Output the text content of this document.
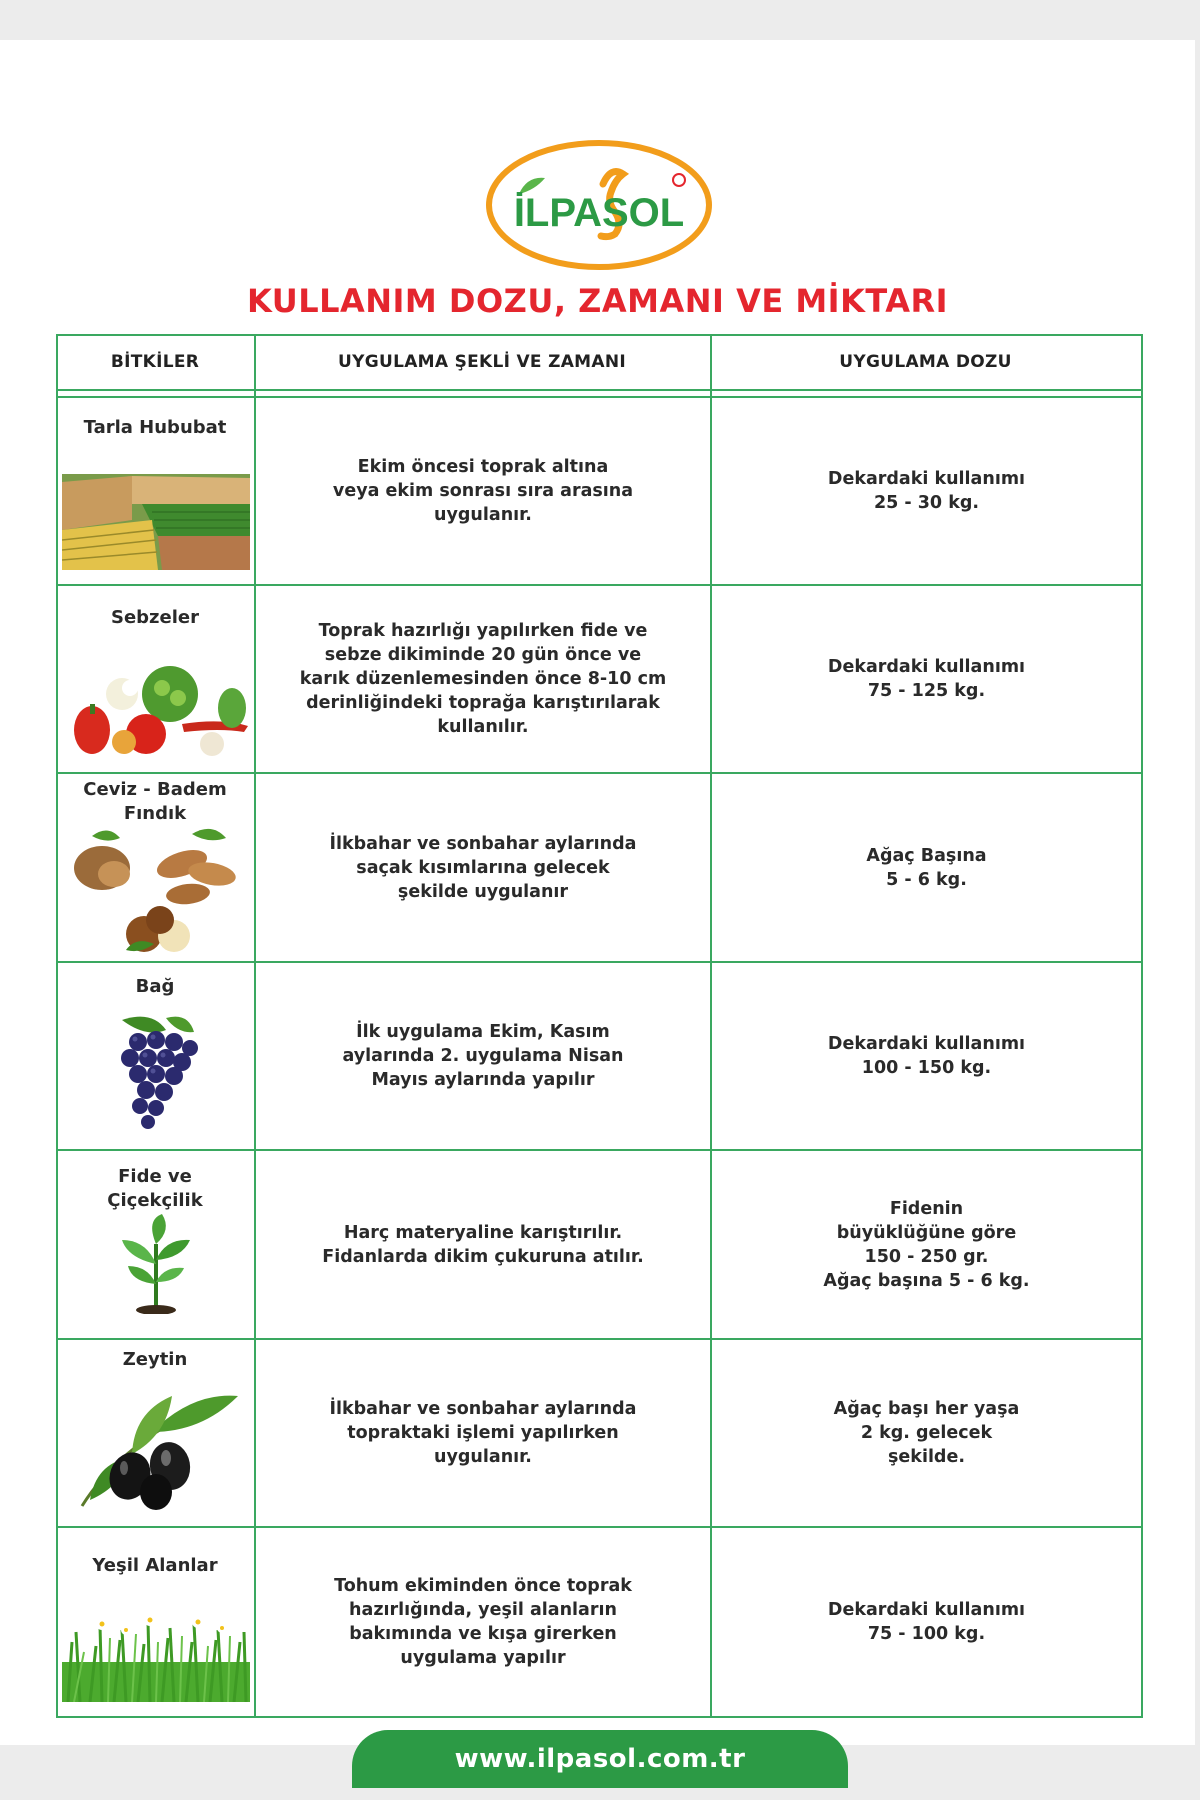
İLPASOL
KULLANIM DOZU, ZAMANI VE MİKTARI
BİTKİLER	UYGULAMA ŞEKLİ VE ZAMANI	UYGULAMA DOZU
Tarla Hububat
Ekim öncesi toprak altına
veya ekim sonrası sıra arasına
uygulanır.
Dekardaki kullanımı
25 - 30 kg.
Sebzeler
Toprak hazırlığı yapılırken fide ve
sebze dikiminde 20 gün önce ve
karık düzenlemesinden önce 8-10 cm
derinliğindeki toprağa karıştırılarak
kullanılır.
Dekardaki kullanımı
75 - 125 kg.
Ceviz - Badem
Fındık
İlkbahar ve sonbahar aylarında
saçak kısımlarına gelecek
şekilde uygulanır
Ağaç Başına
5 - 6 kg.
Bağ
İlk uygulama Ekim, Kasım
aylarında 2. uygulama Nisan
Mayıs aylarında yapılır
Dekardaki kullanımı
100 - 150 kg.
Fide ve
Çiçekçilik
Harç materyaline karıştırılır.
Fidanlarda dikim çukuruna atılır.
Fidenin
büyüklüğüne göre
150 - 250 gr.
Ağaç başına 5 - 6 kg.
Zeytin
İlkbahar ve sonbahar aylarında
topraktaki işlemi yapılırken
uygulanır.
Ağaç başı her yaşa
2 kg. gelecek
şekilde.
Yeşil Alanlar
Tohum ekiminden önce toprak
hazırlığında, yeşil alanların
bakımında ve kışa girerken
uygulama yapılır
Dekardaki kullanımı
75 - 100 kg.
www.ilpasol.com.tr
